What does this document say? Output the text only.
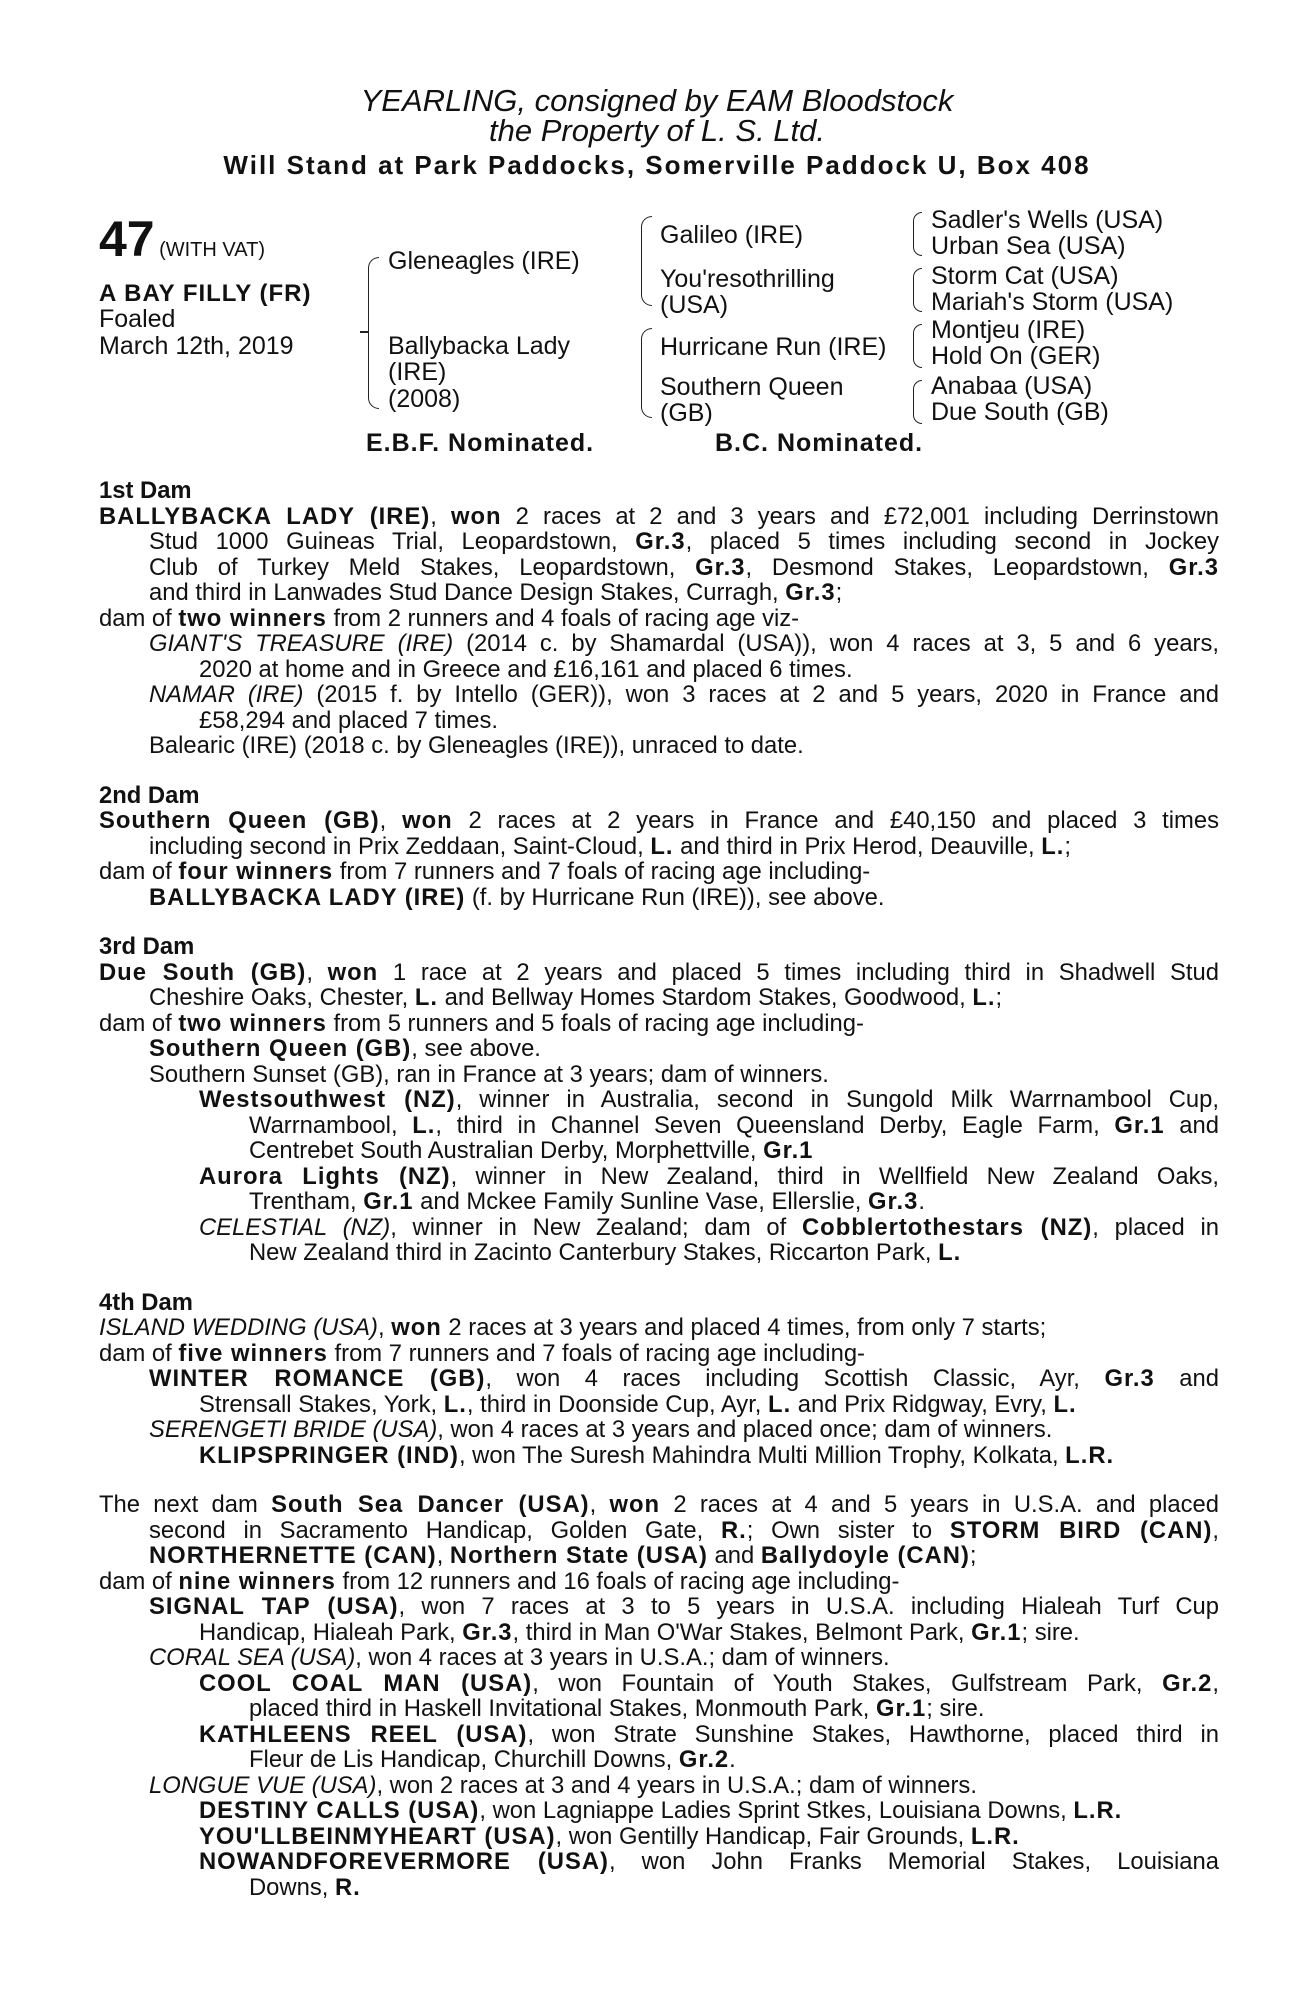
YEARLING, consigned by EAM Bloodstock
the Property of L. S. Ltd.
Will Stand at Park Paddocks, Somerville Paddock U, Box 408
47 (WITH VAT)
A BAY FILLY (FR)
Foaled
March 12th, 2019
Gleneagles (IRE)
Ballybacka Lady
(IRE)
(2008)
Galileo (IRE)
You'resothrilling
(USA)
Hurricane Run (IRE)
Southern Queen
(GB)
Sadler's Wells (USA)
Urban Sea (USA)
Storm Cat (USA)
Mariah's Storm (USA)
Montjeu (IRE)
Hold On (GER)
Anabaa (USA)
Due South (GB)
E.B.F. Nominated.	B.C. Nominated.
1st Dam
BALLYBACKA LADY (IRE), won 2 races at 2 and 3 years and £72,001 including Derrinstown
Stud 1000 Guineas Trial, Leopardstown, Gr.3, placed 5 times including second in Jockey
Club of Turkey Meld Stakes, Leopardstown, Gr.3, Desmond Stakes, Leopardstown, Gr.3
and third in Lanwades Stud Dance Design Stakes, Curragh, Gr.3;
dam of two winners from 2 runners and 4 foals of racing age viz-
GIANT'S TREASURE (IRE) (2014 c. by Shamardal (USA)), won 4 races at 3, 5 and 6 years,
2020 at home and in Greece and £16,161 and placed 6 times.
NAMAR (IRE) (2015 f. by Intello (GER)), won 3 races at 2 and 5 years, 2020 in France and
£58,294 and placed 7 times.
Balearic (IRE) (2018 c. by Gleneagles (IRE)), unraced to date.
2nd Dam
Southern Queen (GB), won 2 races at 2 years in France and £40,150 and placed 3 times
including second in Prix Zeddaan, Saint-Cloud, L. and third in Prix Herod, Deauville, L.;
dam of four winners from 7 runners and 7 foals of racing age including-
BALLYBACKA LADY (IRE) (f. by Hurricane Run (IRE)), see above.
3rd Dam
Due South (GB), won 1 race at 2 years and placed 5 times including third in Shadwell Stud
Cheshire Oaks, Chester, L. and Bellway Homes Stardom Stakes, Goodwood, L.;
dam of two winners from 5 runners and 5 foals of racing age including-
Southern Queen (GB), see above.
Southern Sunset (GB), ran in France at 3 years; dam of winners.
Westsouthwest (NZ), winner in Australia, second in Sungold Milk Warrnambool Cup,
Warrnambool, L., third in Channel Seven Queensland Derby, Eagle Farm, Gr.1 and
Centrebet South Australian Derby, Morphettville, Gr.1
Aurora Lights (NZ), winner in New Zealand, third in Wellfield New Zealand Oaks,
Trentham, Gr.1 and Mckee Family Sunline Vase, Ellerslie, Gr.3.
CELESTIAL (NZ), winner in New Zealand; dam of Cobblertothestars (NZ), placed in
New Zealand third in Zacinto Canterbury Stakes, Riccarton Park, L.
4th Dam
ISLAND WEDDING (USA), won 2 races at 3 years and placed 4 times, from only 7 starts;
dam of five winners from 7 runners and 7 foals of racing age including-
WINTER ROMANCE (GB), won 4 races including Scottish Classic, Ayr, Gr.3 and
Strensall Stakes, York, L., third in Doonside Cup, Ayr, L. and Prix Ridgway, Evry, L.
SERENGETI BRIDE (USA), won 4 races at 3 years and placed once; dam of winners.
KLIPSPRINGER (IND), won The Suresh Mahindra Multi Million Trophy, Kolkata, L.R.
The next dam South Sea Dancer (USA), won 2 races at 4 and 5 years in U.S.A. and placed
second in Sacramento Handicap, Golden Gate, R.; Own sister to STORM BIRD (CAN),
NORTHERNETTE (CAN), Northern State (USA) and Ballydoyle (CAN);
dam of nine winners from 12 runners and 16 foals of racing age including-
SIGNAL TAP (USA), won 7 races at 3 to 5 years in U.S.A. including Hialeah Turf Cup
Handicap, Hialeah Park, Gr.3, third in Man O'War Stakes, Belmont Park, Gr.1; sire.
CORAL SEA (USA), won 4 races at 3 years in U.S.A.; dam of winners.
COOL COAL MAN (USA), won Fountain of Youth Stakes, Gulfstream Park, Gr.2,
placed third in Haskell Invitational Stakes, Monmouth Park, Gr.1; sire.
KATHLEENS REEL (USA), won Strate Sunshine Stakes, Hawthorne, placed third in
Fleur de Lis Handicap, Churchill Downs, Gr.2.
LONGUE VUE (USA), won 2 races at 3 and 4 years in U.S.A.; dam of winners.
DESTINY CALLS (USA), won Lagniappe Ladies Sprint Stkes, Louisiana Downs, L.R.
YOU'LLBEINMYHEART (USA), won Gentilly Handicap, Fair Grounds, L.R.
NOWANDFOREVERMORE (USA), won John Franks Memorial Stakes, Louisiana
Downs, R.
